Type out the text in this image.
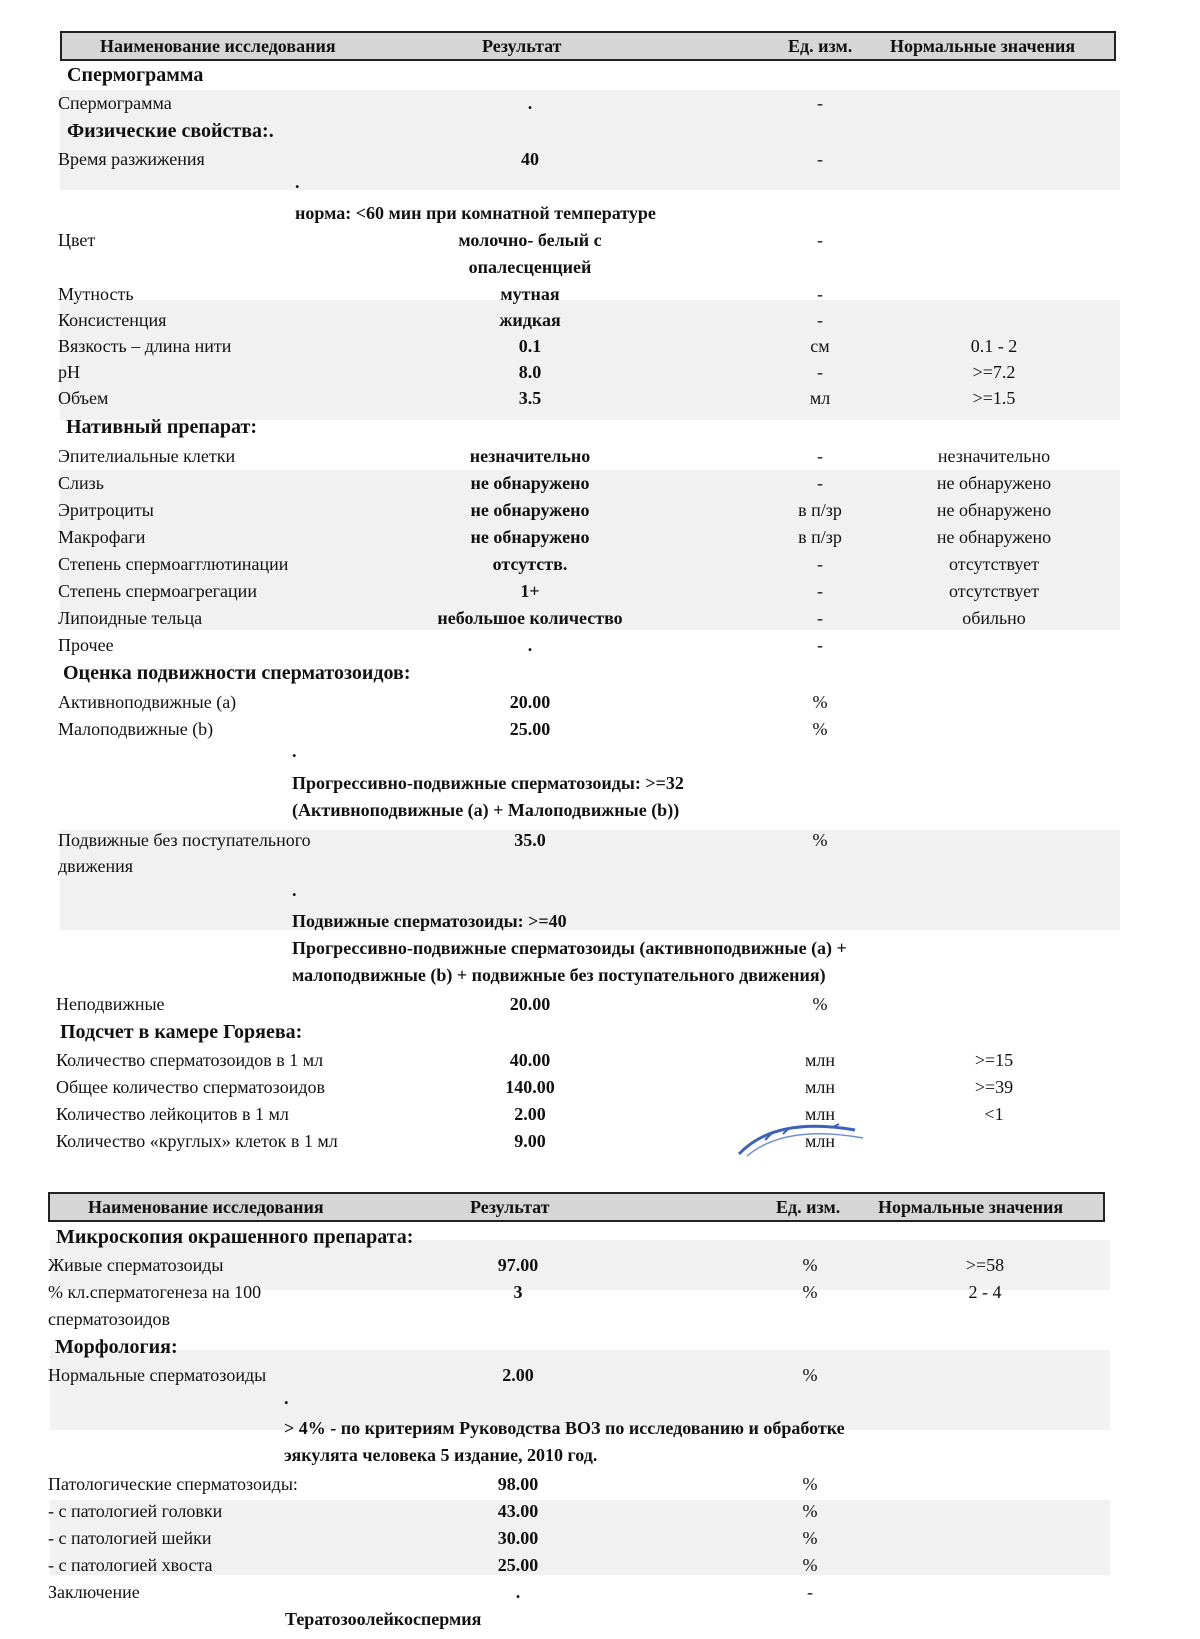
Наименование исследования	Результат	Ед. изм. Нормальные значения
Спермограмма
Спермограмма	.	-
Физические свойства:.
Время разжижения	40	-
.
норма: <60 мин при комнатной температуре
Цвет	молочно- белый с	-
опалесценцией
Мутность	мутная	-
Консистенция	жидкая	-
Вязкость – длина нити	0.1	см	0.1 - 2
pH	8.0	-	>=7.2
Объем	3.5	мл	>=1.5
Нативный препарат:
Эпителиальные клетки	незначительно	-	незначительно
Слизь	не обнаружено	-	не обнаружено
Эритроциты	не обнаружено	в п/зр	не обнаружено
Макрофаги	не обнаружено	в п/зр	не обнаружено
Степень спермоагглютинации	отсутств.	-	отсутствует
Степень спермоагрегации	1+	-	отсутствует
Липоидные тельца	небольшое количество	-	обильно
Прочее	.	-
Оценка подвижности сперматозоидов:
Активноподвижные (а)	20.00	%
Малоподвижные (b)	25.00	%
.
Прогрессивно-подвижные сперматозоиды: >=32
(Активноподвижные (а) + Малоподвижные (b))
Подвижные без поступательного	35.0	%
движения
.
Подвижные сперматозоиды: >=40
Прогрессивно-подвижные сперматозоиды (активноподвижные (а) +
малоподвижные (b) + подвижные без поступательного движения)
Неподвижные	20.00	%
Подсчет в камере Горяева:
Количество сперматозоидов в 1 мл	40.00	млн	>=15
Общее количество сперматозоидов	140.00	млн	>=39
Количество лейкоцитов в 1 мл	2.00	млн	<1
Количество «круглых» клеток в 1 мл	9.00	млн
Наименование исследования	Результат	Ед. изм. Нормальные значения
Микроскопия окрашенного препарата:
Живые сперматозоиды	97.00	%	>=58
% кл.сперматогенеза на 100	3	%	2 - 4
сперматозоидов
Морфология:
Нормальные сперматозоиды	2.00	%
.
> 4% - по критериям Руководства ВОЗ по исследованию и обработке
эякулята человека 5 издание, 2010 год.
Патологические сперматозоиды:	98.00	%
- с патологией головки	43.00	%
- с патологией шейки	30.00	%
- с патологией хвоста	25.00	%
Заключение	.	-
Тератозоолейкоспермия
